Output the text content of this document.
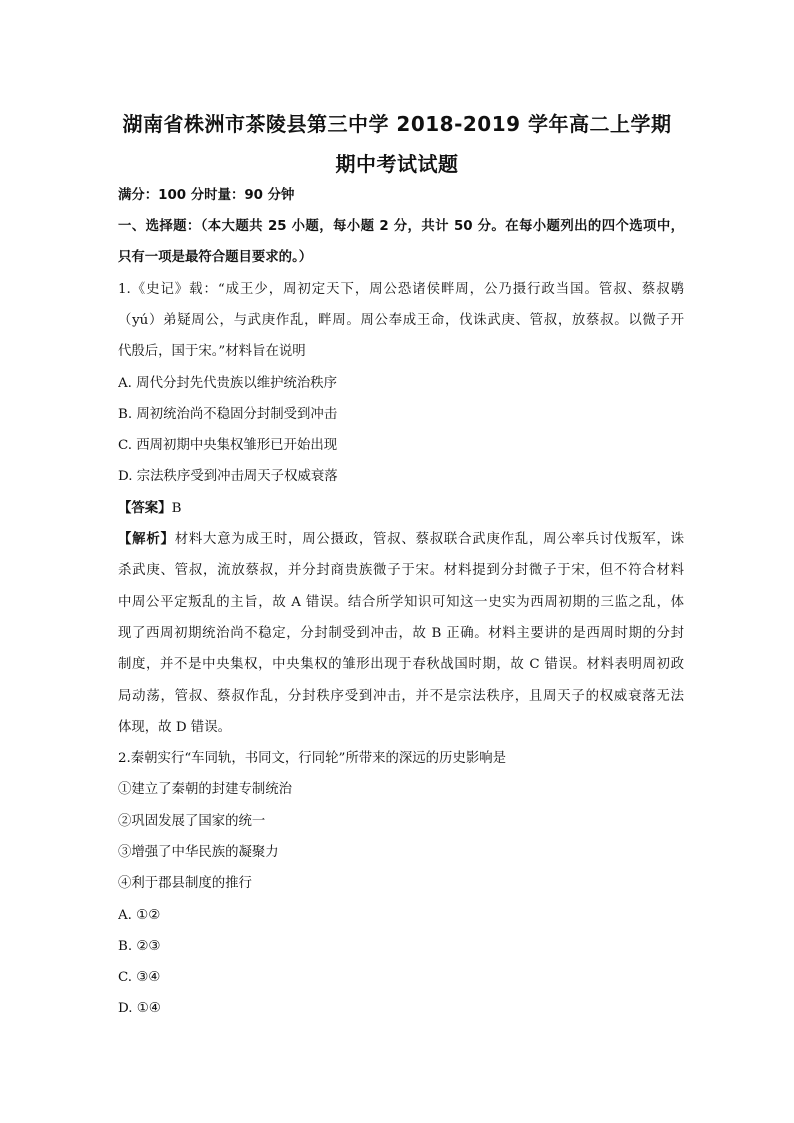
湖南省株洲市茶陵县第三中学 2018-2019 学年高二上学期
期中考试试题
满分：100 分时量：90 分钟
一、选择题：（本大题共 25 小题，每小题 2 分，共计 50 分。在每小题列出的四个选项中，
只有一项是最符合题目要求的。）
1.《史记》载：“成王少，周初定天下，周公恐诸侯畔周，公乃摄行政当国。管叔、蔡叔鹖
（yú）弟疑周公，与武庚作乱，畔周。周公奉成王命，伐诛武庚、管叔，放蔡叔。以微子开
代殷后，国于宋。”材料旨在说明
A. 周代分封先代贵族以维护统治秩序
B. 周初统治尚不稳固分封制受到冲击
C. 西周初期中央集权雏形已开始出现
D. 宗法秩序受到冲击周天子权威衰落
【答案】B
【解析】材料大意为成王时，周公摄政，管叔、蔡叔联合武庚作乱，周公率兵讨伐叛军，诛
杀武庚、管叔，流放蔡叔，并分封商贵族微子于宋。材料提到分封微子于宋，但不符合材料
中周公平定叛乱的主旨，故 A 错误。结合所学知识可知这一史实为西周初期的三监之乱，体
现了西周初期统治尚不稳定，分封制受到冲击，故 B 正确。材料主要讲的是西周时期的分封
制度，并不是中央集权，中央集权的雏形出现于春秋战国时期，故 C 错误。材料表明周初政
局动荡，管叔、蔡叔作乱，分封秩序受到冲击，并不是宗法秩序，且周天子的权威衰落无法
体现，故 D 错误。
2.秦朝实行“车同轨，书同文，行同轮”所带来的深远的历史影响是
①建立了秦朝的封建专制统治
②巩固发展了国家的统一
③增强了中华民族的凝聚力
④利于郡县制度的推行
A. ①②
B. ②③
C. ③④
D. ①④
